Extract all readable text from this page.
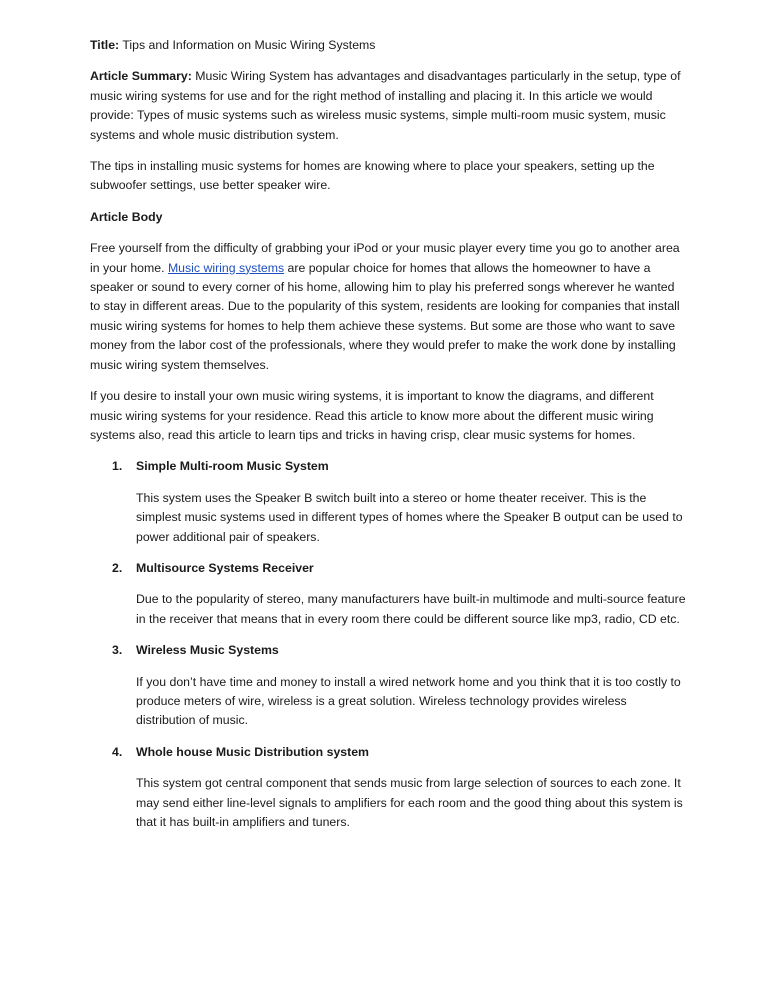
Title: Tips and Information on Music Wiring Systems

Article Summary: Music Wiring System has advantages and disadvantages particularly in the setup, type of music wiring systems for use and for the right method of installing and placing it. In this article we would provide: Types of music systems such as wireless music systems, simple multi-room music system, music systems and whole music distribution system.

The tips in installing music systems for homes are knowing where to place your speakers, setting up the subwoofer settings, use better speaker wire.

Article Body

Free yourself from the difficulty of grabbing your iPod or your music player every time you go to another area in your home. Music wiring systems are popular choice for homes that allows the homeowner to have a speaker or sound to every corner of his home, allowing him to play his preferred songs wherever he wanted to stay in different areas. Due to the popularity of this system, residents are looking for companies that install music wiring systems for homes to help them achieve these systems. But some are those who want to save money from the labor cost of the professionals, where they would prefer to make the work done by installing music wiring system themselves.

If you desire to install your own music wiring systems, it is important to know the diagrams, and different music wiring systems for your residence. Read this article to know more about the different music wiring systems also, read this article to learn tips and tricks in having crisp, clear music systems for homes.

1. Simple Multi-room Music System

This system uses the Speaker B switch built into a stereo or home theater receiver. This is the simplest music systems used in different types of homes where the Speaker B output can be used to power additional pair of speakers.

2. Multisource Systems Receiver

Due to the popularity of stereo, many manufacturers have built-in multimode and multi-source feature in the receiver that means that in every room there could be different source like mp3, radio, CD etc.

3. Wireless Music Systems

If you don’t have time and money to install a wired network home and you think that it is too costly to produce meters of wire, wireless is a great solution. Wireless technology provides wireless distribution of music.

4. Whole house Music Distribution system

This system got central component that sends music from large selection of sources to each zone. It may send either line-level signals to amplifiers for each room and the good thing about this system is that it has built-in amplifiers and tuners.
